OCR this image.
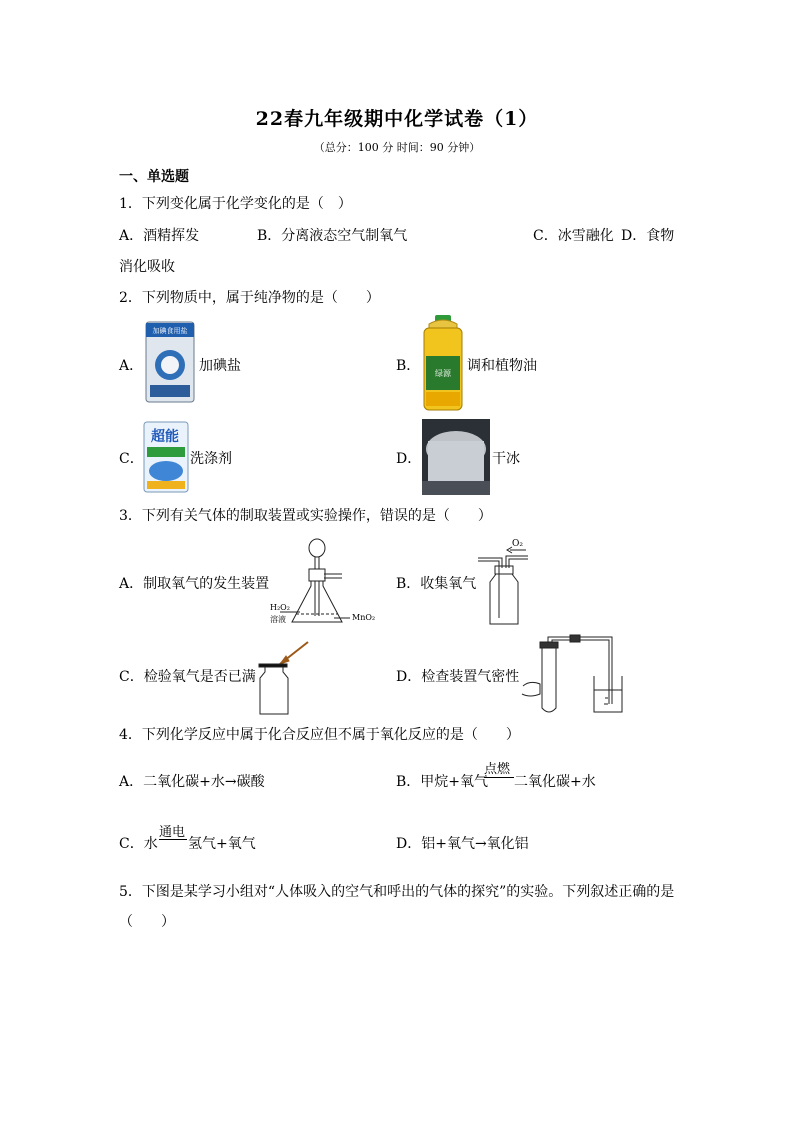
22春九年级期中化学试卷（1）
（总分：100 分 时间：90 分钟）
一、单选题
1．下列变化属于化学变化的是（　）
A．酒精挥发	B．分离液态空气制氧气	C．冰雪融化 D．食物
消化吸收
2．下列物质中，属于纯净物的是（　　）
A．
加碘食用盐
加碘盐	B． 绿源 调和植物油
C．
超能
洗涤剂	D．	干冰
3．下列有关气体的制取装置或实验操作，错误的是（　　）
A．制取氧气的发生装置
H₂O₂
溶液	MnO₂
B．收集氧气
O₂
C．检验氧气是否已满	D．检查装置气密性
4．下列化学反应中属于化合反应但不属于氧化反应的是（　　）
A．二氧化碳+水→碳酸	B．甲烷+氧气
点燃
二氧化碳+水
C．水
通电
氢气+氧气	D．铝+氧气→氧化铝
5．下图是某学习小组对“人体吸入的空气和呼出的气体的探究”的实验。下列叙述正确的是
（　　）
